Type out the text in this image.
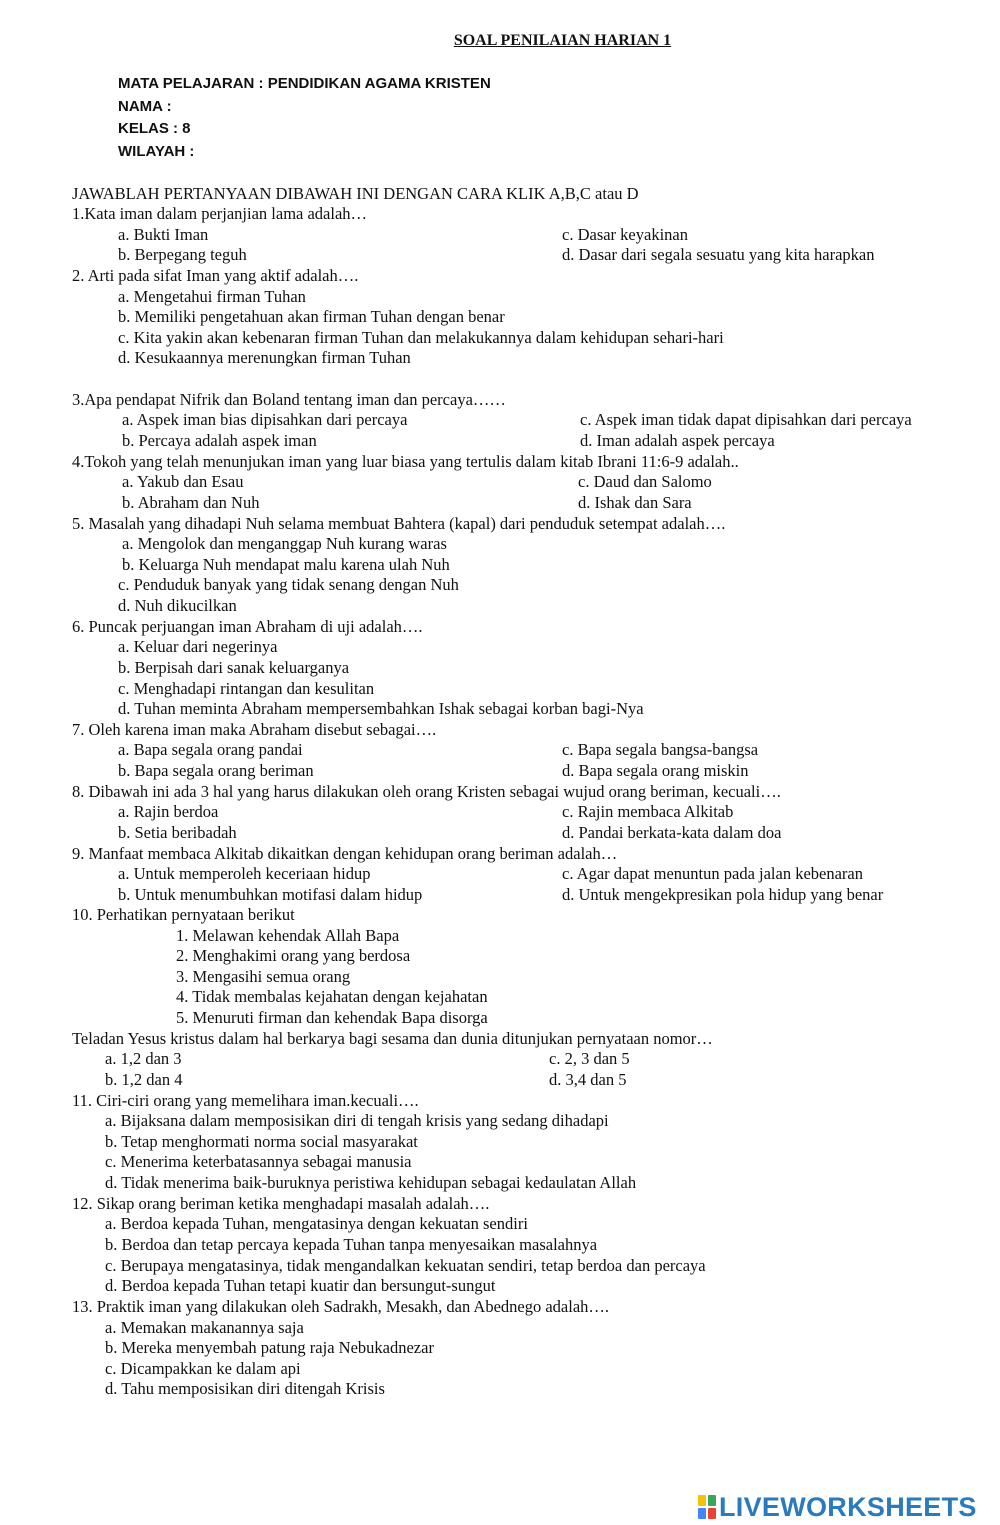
SOAL PENILAIAN HARIAN 1
MATA PELAJARAN : PENDIDIKAN AGAMA KRISTEN
NAMA :
KELAS : 8
WILAYAH :
JAWABLAH PERTANYAAN DIBAWAH INI DENGAN CARA KLIK A,B,C atau D
1.Kata iman dalam perjanjian lama adalah…
a. Bukti Iman	c. Dasar keyakinan
b. Berpegang teguh	d. Dasar dari segala sesuatu yang kita harapkan
2. Arti pada sifat Iman yang aktif adalah….
a. Mengetahui firman Tuhan
b. Memiliki pengetahuan akan firman Tuhan dengan benar
c. Kita yakin akan kebenaran firman Tuhan dan melakukannya dalam kehidupan sehari-hari
d. Kesukaannya merenungkan firman Tuhan
3.Apa pendapat Nifrik dan Boland tentang iman dan percaya……
a. Aspek iman bias dipisahkan dari percaya	c. Aspek iman tidak dapat dipisahkan dari percaya
b. Percaya adalah aspek iman	d. Iman adalah aspek percaya
4.Tokoh yang telah menunjukan iman yang luar biasa yang tertulis dalam kitab Ibrani 11:6-9 adalah..
a. Yakub dan Esau	c. Daud dan Salomo
b. Abraham dan Nuh	d. Ishak dan Sara
5. Masalah yang dihadapi Nuh selama membuat Bahtera (kapal) dari penduduk setempat adalah….
a. Mengolok dan menganggap Nuh kurang waras
b. Keluarga Nuh mendapat malu karena ulah Nuh
c. Penduduk banyak yang tidak senang dengan Nuh
d. Nuh dikucilkan
6. Puncak perjuangan iman Abraham di uji adalah….
a. Keluar dari negerinya
b. Berpisah dari sanak keluarganya
c. Menghadapi rintangan dan kesulitan
d. Tuhan meminta Abraham mempersembahkan Ishak sebagai korban bagi-Nya
7. Oleh karena iman maka Abraham disebut sebagai….
a. Bapa segala orang pandai	c. Bapa segala bangsa-bangsa
b. Bapa segala orang beriman	d. Bapa segala orang miskin
8. Dibawah ini ada 3 hal yang harus dilakukan oleh orang Kristen sebagai wujud orang beriman, kecuali….
a. Rajin berdoa	c. Rajin membaca Alkitab
b. Setia beribadah	d. Pandai berkata-kata dalam doa
9. Manfaat membaca Alkitab dikaitkan dengan kehidupan orang beriman adalah…
a. Untuk memperoleh keceriaan hidup	c. Agar dapat menuntun pada jalan kebenaran
b. Untuk menumbuhkan motifasi dalam hidup	d. Untuk mengekpresikan pola hidup yang benar
10. Perhatikan pernyataan berikut
1. Melawan kehendak Allah Bapa
2. Menghakimi orang yang berdosa
3. Mengasihi semua orang
4. Tidak membalas kejahatan dengan kejahatan
5. Menuruti firman dan kehendak Bapa disorga
Teladan Yesus kristus dalam hal berkarya bagi sesama dan dunia ditunjukan pernyataan nomor…
a. 1,2 dan 3	c. 2, 3 dan 5
b. 1,2 dan 4	d. 3,4 dan 5
11. Ciri-ciri orang yang memelihara iman.kecuali….
a. Bijaksana dalam memposisikan diri di tengah krisis yang sedang dihadapi
b. Tetap menghormati norma social masyarakat
c. Menerima keterbatasannya sebagai manusia
d. Tidak menerima baik-buruknya peristiwa kehidupan sebagai kedaulatan Allah
12. Sikap orang beriman ketika menghadapi masalah adalah….
a. Berdoa kepada Tuhan, mengatasinya dengan kekuatan sendiri
b. Berdoa dan tetap percaya kepada Tuhan tanpa menyesaikan masalahnya
c. Berupaya mengatasinya, tidak mengandalkan kekuatan sendiri, tetap berdoa dan percaya
d. Berdoa kepada Tuhan tetapi kuatir dan bersungut-sungut
13. Praktik iman yang dilakukan oleh Sadrakh, Mesakh, dan Abednego adalah….
a. Memakan makanannya saja
b. Mereka menyembah patung raja Nebukadnezar
c. Dicampakkan ke dalam api
d. Tahu memposisikan diri ditengah Krisis
LIVEWORKSHEETS
